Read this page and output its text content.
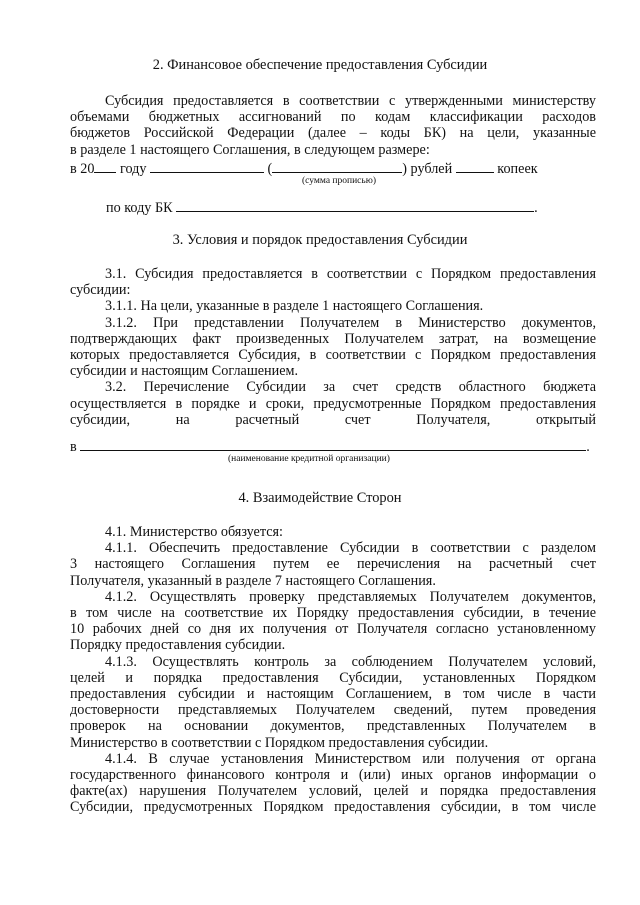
2. Финансовое обеспечение предоставления Субсидии
Субсидия предоставляется в соответствии с утвержденными министерству
объемами бюджетных ассигнований по кодам классификации расходов
бюджетов Российской Федерации (далее – коды БК) на цели, указанные
в разделе 1 настоящего Соглашения, в следующем размере:
в 20 году	(	) рублей	копеек
(сумма прописью)
по коду БК	.
3. Условия и порядок предоставления Субсидии
3.1. Субсидия предоставляется в соответствии с Порядком предоставления
субсидии:
3.1.1. На цели, указанные в разделе 1 настоящего Соглашения.
3.1.2. При представлении Получателем в Министерство документов,
подтверждающих факт произведенных Получателем затрат, на возмещение
которых предоставляется Субсидия, в соответствии с Порядком предоставления
субсидии и настоящим Соглашением.
3.2. Перечисление Субсидии за счет средств областного бюджета
осуществляется в порядке и сроки, предусмотренные Порядком предоставления
субсидии, на расчетный счет Получателя, открытый
в	.
(наименование кредитной организации)
4. Взаимодействие Сторон
4.1. Министерство обязуется:
4.1.1. Обеспечить предоставление Субсидии в соответствии с разделом
3 настоящего Соглашения путем ее перечисления на расчетный счет
Получателя, указанный в разделе 7 настоящего Соглашения.
4.1.2. Осуществлять проверку представляемых Получателем документов,
в том числе на соответствие их Порядку предоставления субсидии, в течение
10 рабочих дней со дня их получения от Получателя согласно установленному
Порядку предоставления субсидии.
4.1.3. Осуществлять контроль за соблюдением Получателем условий,
целей и порядка предоставления Субсидии, установленных Порядком
предоставления субсидии и настоящим Соглашением, в том числе в части
достоверности представляемых Получателем сведений, путем проведения
проверок на основании документов, представленных Получателем в
Министерство в соответствии с Порядком предоставления субсидии.
4.1.4. В случае установления Министерством или получения от органа
государственного финансового контроля и (или) иных органов информации о
факте(ах) нарушения Получателем условий, целей и порядка предоставления
Субсидии, предусмотренных Порядком предоставления субсидии, в том числе
